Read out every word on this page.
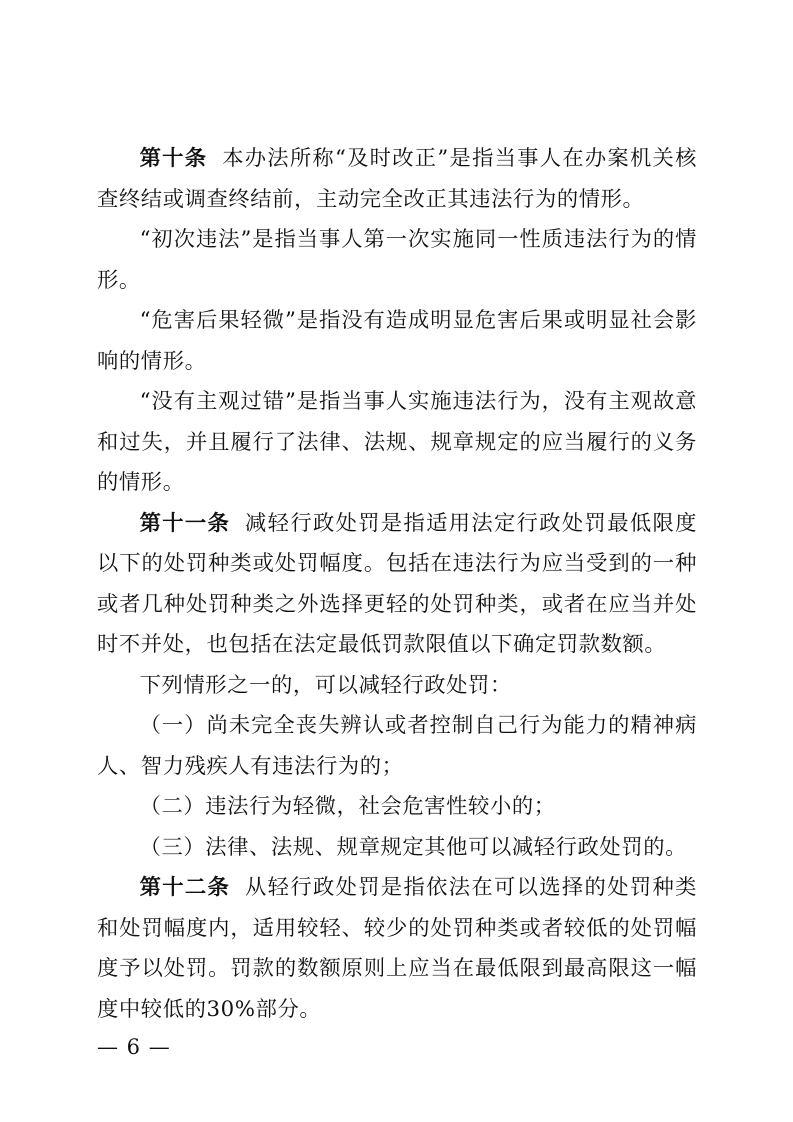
第十条 本办法所称“及时改正”是指当事人在办案机关核查终结或调查终结前，主动完全改正其违法行为的情形。

“初次违法”是指当事人第一次实施同一性质违法行为的情形。

“危害后果轻微”是指没有造成明显危害后果或明显社会影响的情形。

“没有主观过错”是指当事人实施违法行为，没有主观故意和过失，并且履行了法律、法规、规章规定的应当履行的义务的情形。

第十一条 减轻行政处罚是指适用法定行政处罚最低限度以下的处罚种类或处罚幅度。包括在违法行为应当受到的一种或者几种处罚种类之外选择更轻的处罚种类，或者在应当并处时不并处，也包括在法定最低罚款限值以下确定罚款数额。

下列情形之一的，可以减轻行政处罚：

（一）尚未完全丧失辨认或者控制自己行为能力的精神病人、智力残疾人有违法行为的；

（二）违法行为轻微，社会危害性较小的；

（三）法律、法规、规章规定其他可以减轻行政处罚的。

第十二条 从轻行政处罚是指依法在可以选择的处罚种类和处罚幅度内，适用较轻、较少的处罚种类或者较低的处罚幅度予以处罚。罚款的数额原则上应当在最低限到最高限这一幅度中较低的30%部分。

— 6 —
